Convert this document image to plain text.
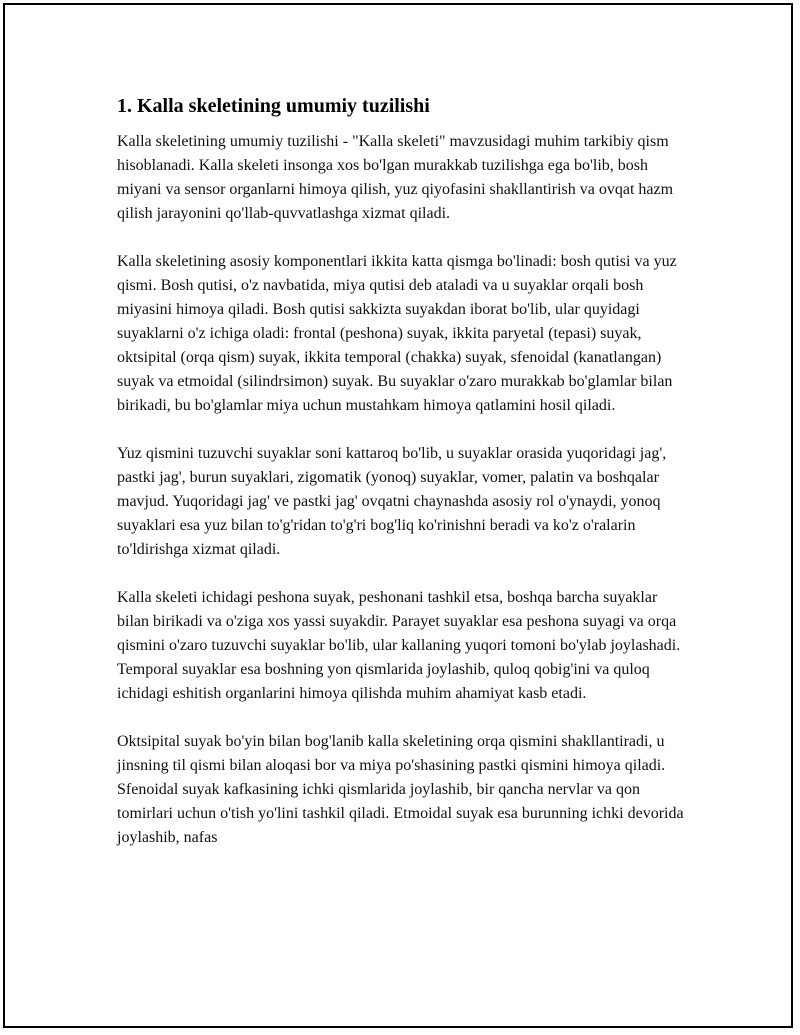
1. Kalla skeletining umumiy tuzilishi

Kalla skeletining umumiy tuzilishi - "Kalla skeleti" mavzusidagi muhim tarkibiy qism hisoblanadi. Kalla skeleti insonga xos bo'lgan murakkab tuzilishga ega bo'lib, bosh miyani va sensor organlarni himoya qilish, yuz qiyofasini shakllantirish va ovqat hazm qilish jarayonini qo'llab-quvvatlashga xizmat qiladi.

Kalla skeletining asosiy komponentlari ikkita katta qismga bo'linadi: bosh qutisi va yuz qismi. Bosh qutisi, o'z navbatida, miya qutisi deb ataladi va u suyaklar orqali bosh miyasini himoya qiladi. Bosh qutisi sakkizta suyakdan iborat bo'lib, ular quyidagi suyaklarni o'z ichiga oladi: frontal (peshona) suyak, ikkita paryetal (tepasi) suyak, oktsipital (orqa qism) suyak, ikkita temporal (chakka) suyak, sfenoidal (kanatlangan) suyak va etmoidal (silindrsimon) suyak. Bu suyaklar o'zaro murakkab bo'glamlar bilan birikadi, bu bo'glamlar miya uchun mustahkam himoya qatlamini hosil qiladi.

Yuz qismini tuzuvchi suyaklar soni kattaroq bo'lib, u suyaklar orasida yuqoridagi jag', pastki jag', burun suyaklari, zigomatik (yonoq) suyaklar, vomer, palatin va boshqalar mavjud. Yuqoridagi jag' ve pastki jag' ovqatni chaynashda asosiy rol o'ynaydi, yonoq suyaklari esa yuz bilan to'g'ridan to'g'ri bog'liq ko'rinishni beradi va ko'z o'ralarin to'ldirishga xizmat qiladi.

Kalla skeleti ichidagi peshona suyak, peshonani tashkil etsa, boshqa barcha suyaklar bilan birikadi va o'ziga xos yassi suyakdir. Parayet suyaklar esa peshona suyagi va orqa qismini o'zaro tuzuvchi suyaklar bo'lib, ular kallaning yuqori tomoni bo'ylab joylashadi. Temporal suyaklar esa boshning yon qismlarida joylashib, quloq qobig'ini va quloq ichidagi eshitish organlarini himoya qilishda muhim ahamiyat kasb etadi.

Oktsipital suyak bo'yin bilan bog'lanib kalla skeletining orqa qismini shakllantiradi, u jinsning til qismi bilan aloqasi bor va miya po'shasining pastki qismini himoya qiladi. Sfenoidal suyak kafkasining ichki qismlarida joylashib, bir qancha nervlar va qon tomirlari uchun o'tish yo'lini tashkil qiladi. Etmoidal suyak esa burunning ichki devorida joylashib, nafas
